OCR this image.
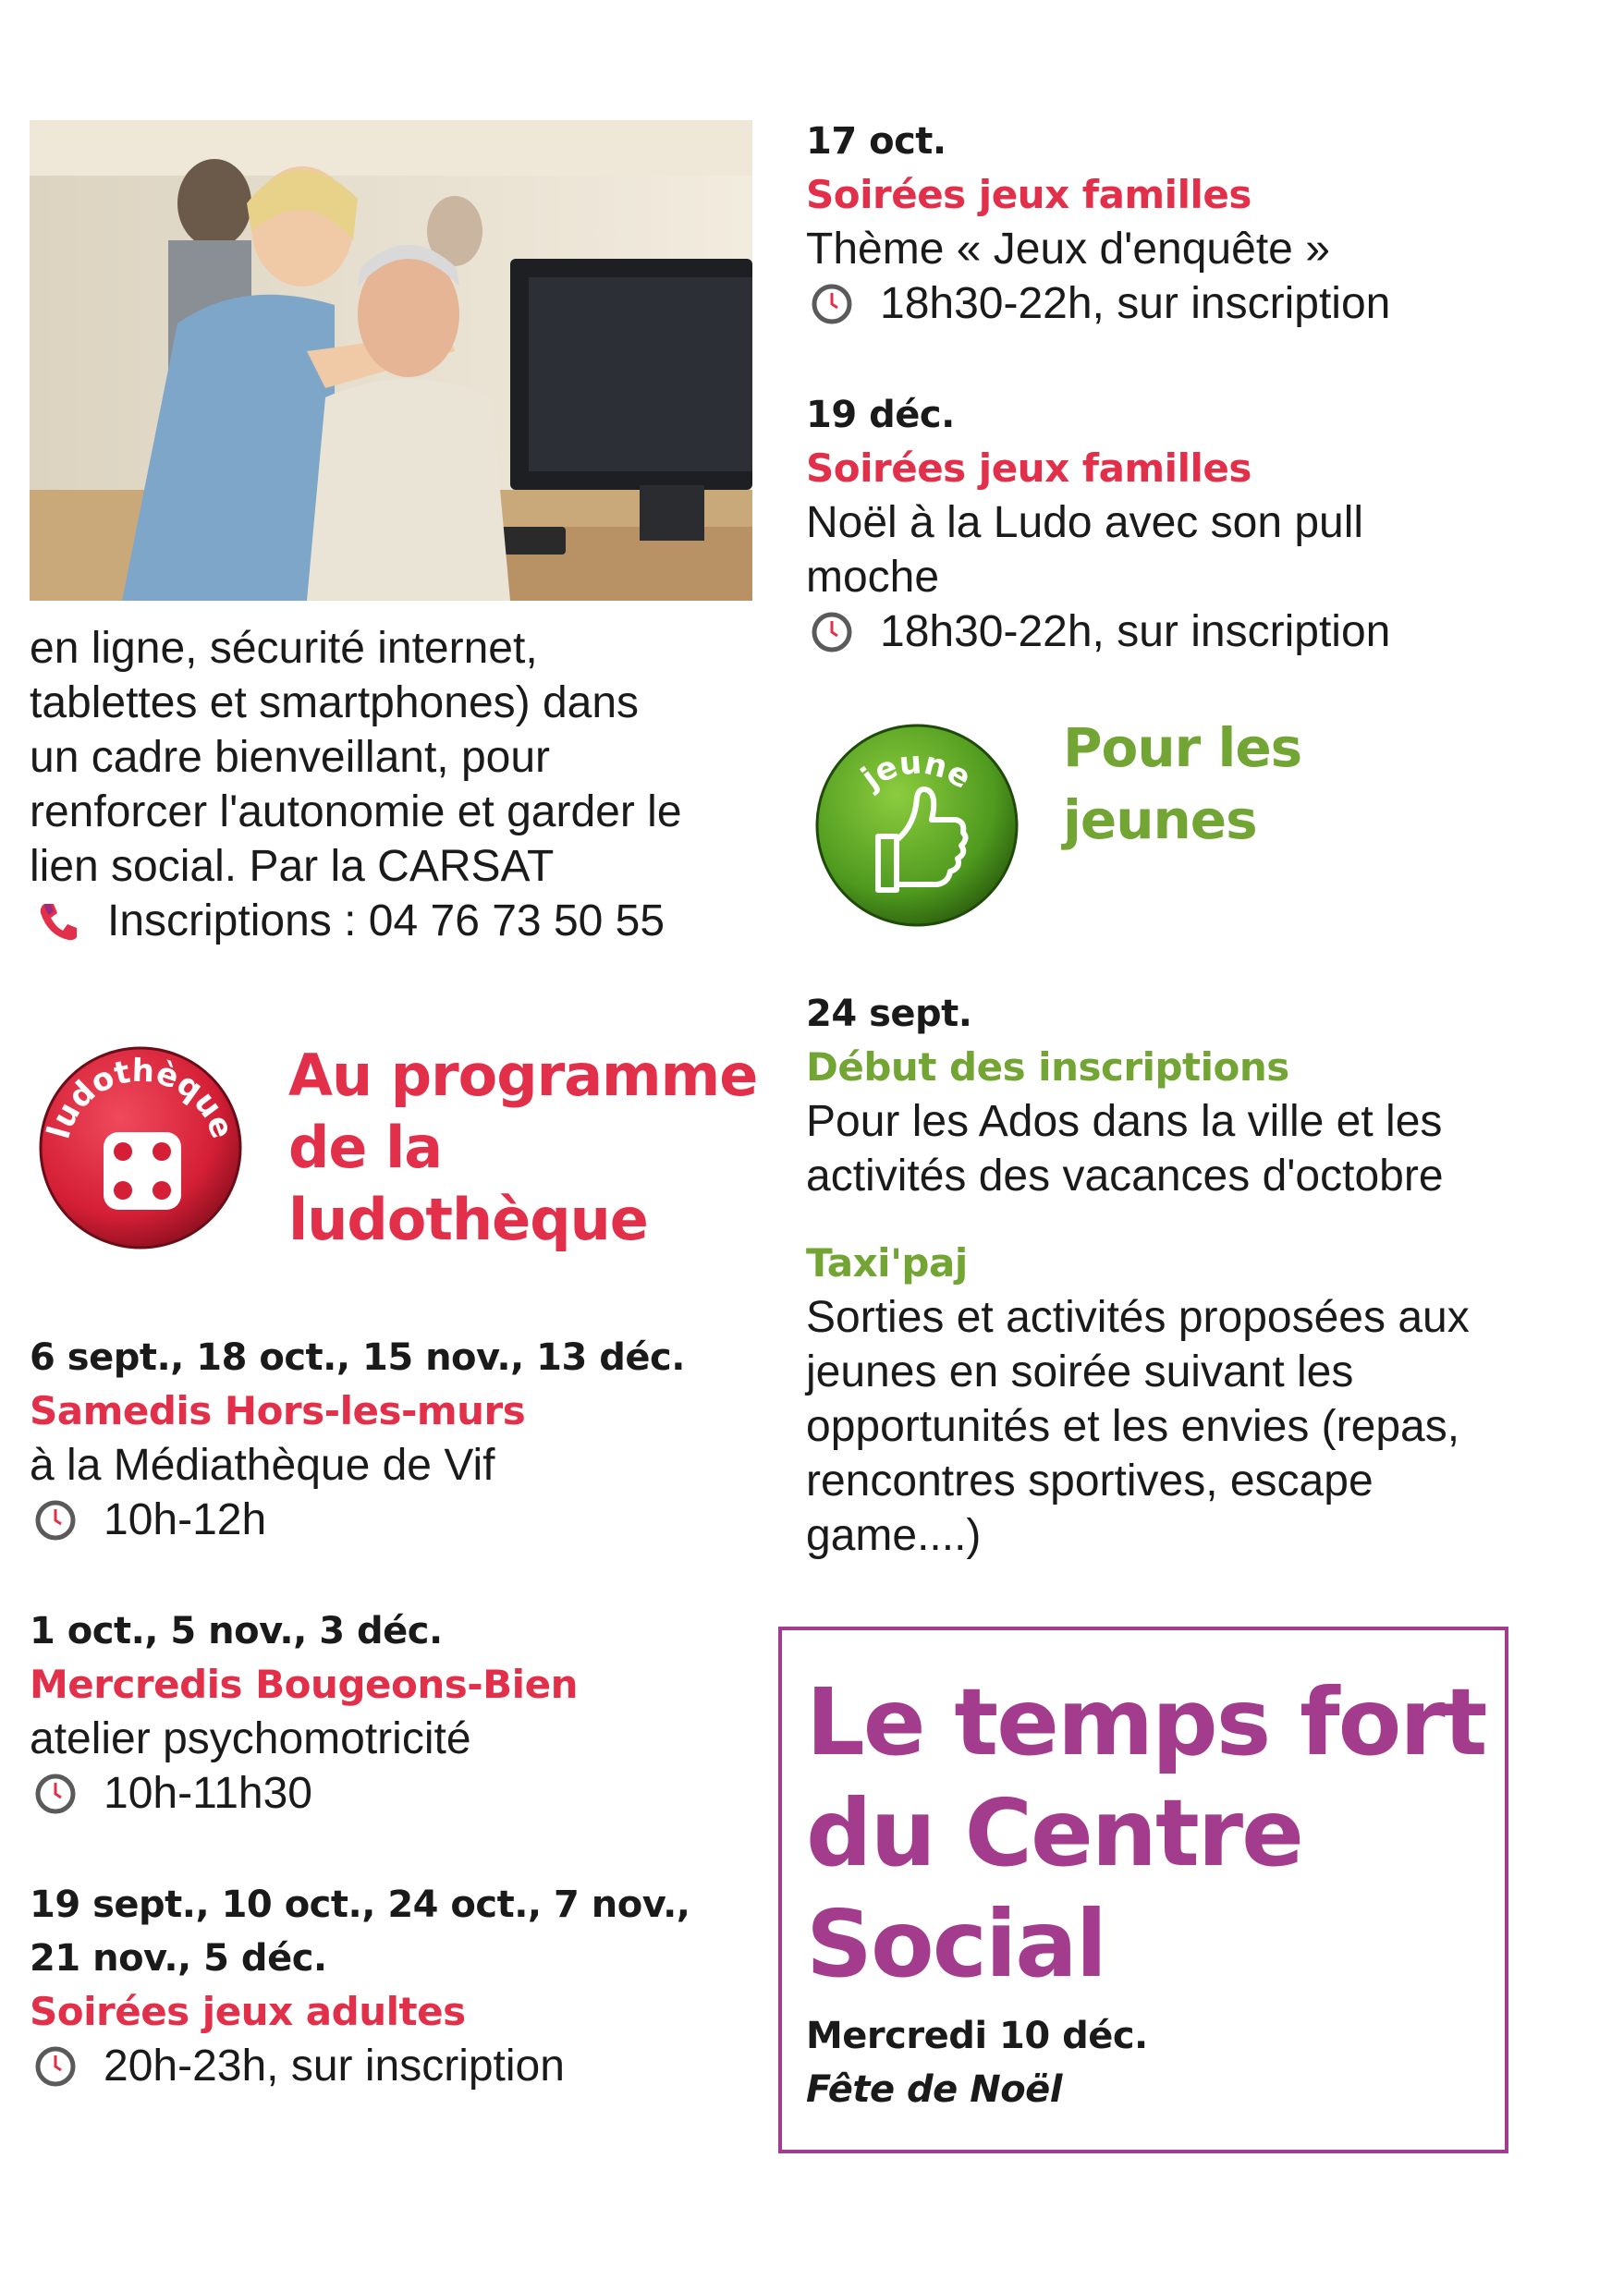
en ligne, sécurité internet,
tablettes et smartphones) dans
un cadre bienveillant, pour
renforcer l'autonomie et garder le
lien social. Par la CARSAT
Inscriptions : 04 76 73 50 55
ludothèque
Au programme
de la
ludothèque
6 sept., 18 oct., 15 nov., 13 déc.
Samedis Hors-les-murs
à la Médiathèque de Vif
10h-12h
1 oct., 5 nov., 3 déc.
Mercredis Bougeons-Bien
atelier psychomotricité
10h-11h30
19 sept., 10 oct., 24 oct., 7 nov.,
21 nov., 5 déc.
Soirées jeux adultes
20h-23h, sur inscription
17 oct.
Soirées jeux familles
Thème « Jeux d'enquête »
18h30-22h, sur inscription
19 déc.
Soirées jeux familles
Noël à la Ludo avec son pull
moche
18h30-22h, sur inscription
jeune Pour les
jeunes
24 sept.
Début des inscriptions
Pour les Ados dans la ville et les
activités des vacances d'octobre
Taxi'paj
Sorties et activités proposées aux
jeunes en soirée suivant les
opportunités et les envies (repas,
rencontres sportives, escape
game....)
Le temps fort
du Centre
Social
Mercredi 10 déc.
Fête de Noël
